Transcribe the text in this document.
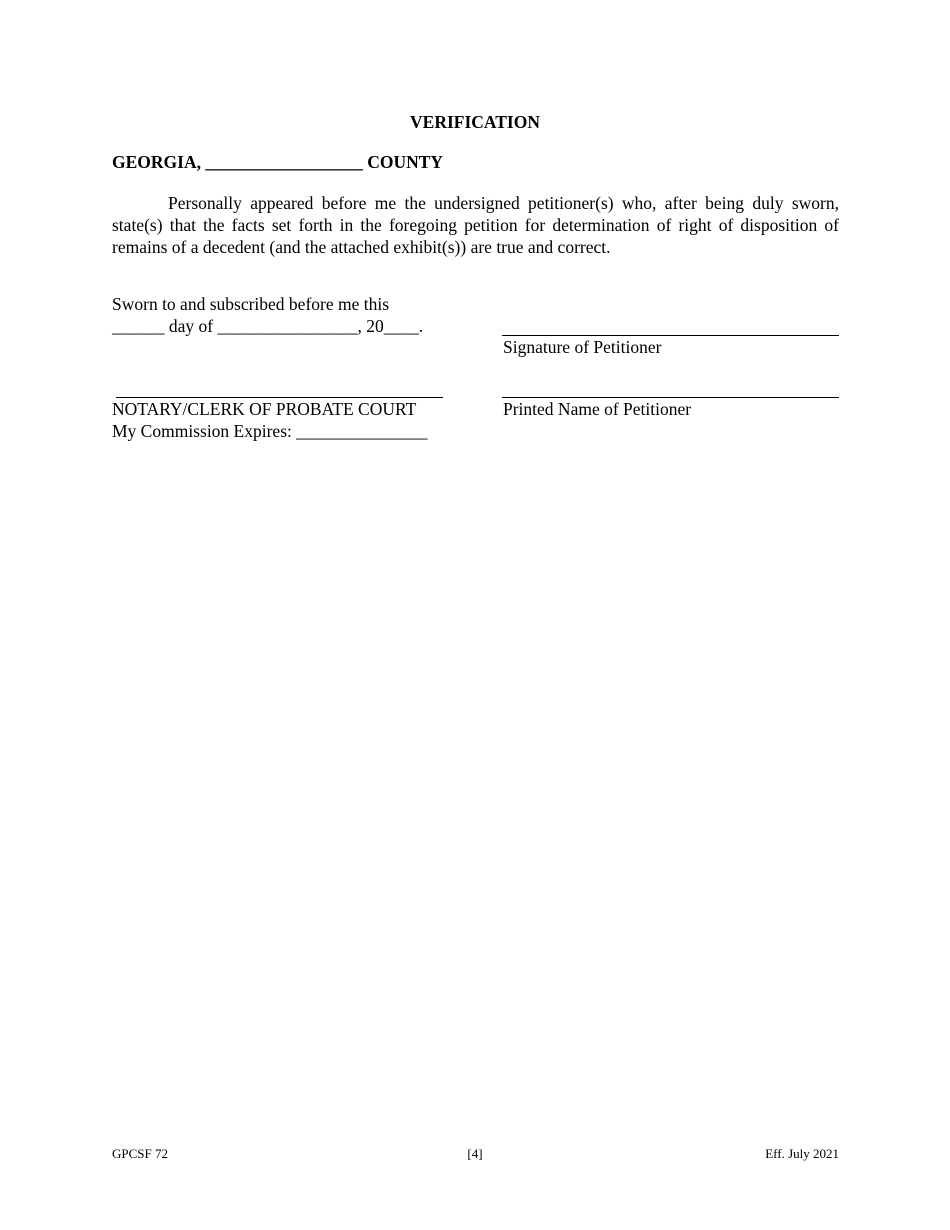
VERIFICATION
GEORGIA, __________________ COUNTY
Personally appeared before me the undersigned petitioner(s) who, after being duly sworn, state(s) that the facts set forth in the foregoing petition for determination of right of disposition of remains of a decedent (and the attached exhibit(s)) are true and correct.
Sworn to and subscribed before me this
______ day of ________________, 20____.
Signature of Petitioner
NOTARY/CLERK OF PROBATE COURT
My Commission Expires: _______________
Printed Name of Petitioner
GPCSF 72	[4]	Eff. July 2021
